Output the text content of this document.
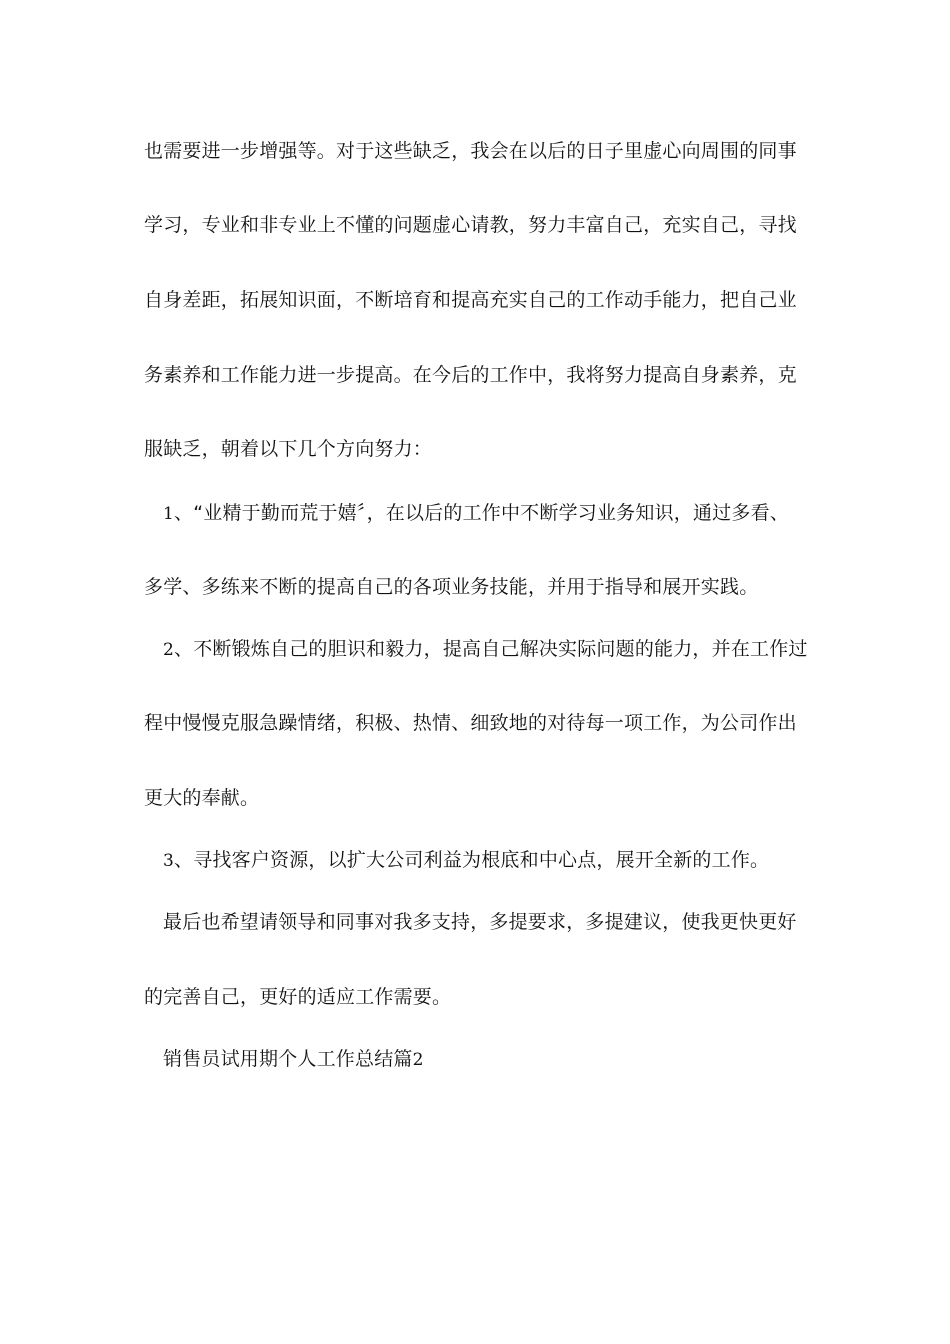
也需要进一步增强等。对于这些缺乏，我会在以后的日子里虚心向周围的同事
学习，专业和非专业上不懂的问题虚心请教，努力丰富自己，充实自己，寻找
自身差距，拓展知识面，不断培育和提高充实自己的工作动手能力，把自己业
务素养和工作能力进一步提高。在今后的工作中，我将努力提高自身素养，克
服缺乏，朝着以下几个方向努力：
1、“业精于勤而荒于嬉〞，在以后的工作中不断学习业务知识，通过多看、
多学、多练来不断的提高自己的各项业务技能，并用于指导和展开实践。
2、不断锻炼自己的胆识和毅力，提高自己解决实际问题的能力，并在工作过
程中慢慢克服急躁情绪，积极、热情、细致地的对待每一项工作，为公司作出
更大的奉献。
3、寻找客户资源，以扩大公司利益为根底和中心点，展开全新的工作。
最后也希望请领导和同事对我多支持，多提要求，多提建议，使我更快更好
的完善自己，更好的适应工作需要。
销售员试用期个人工作总结篇2
